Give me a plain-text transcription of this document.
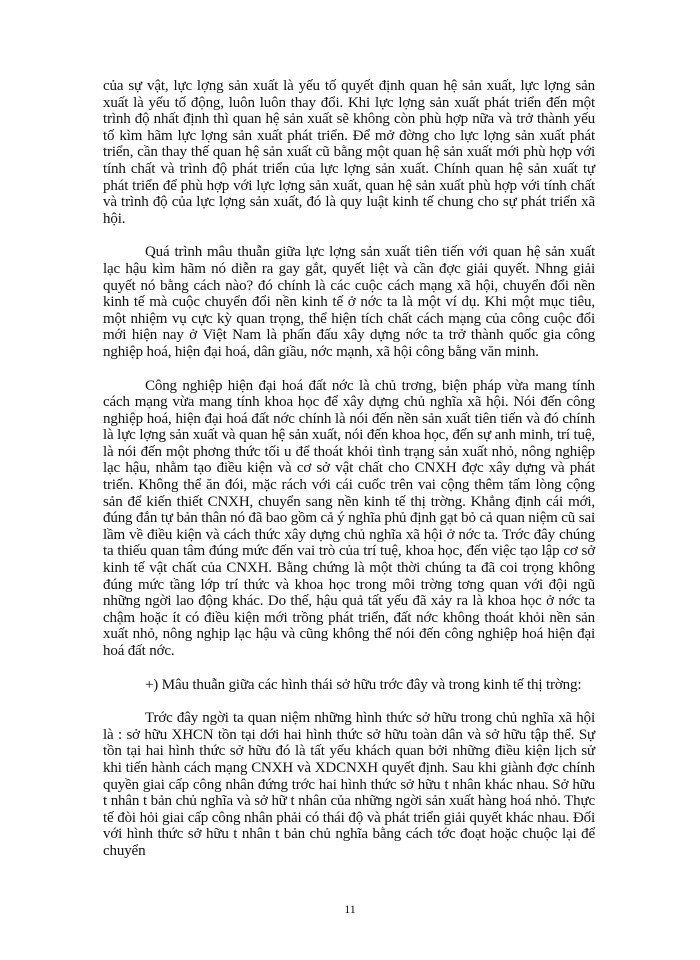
của sự vật, lực lợng sản xuất là yếu tố quyết định quan hệ sản xuất, lực lợng sản xuất là yếu tố động, luôn luôn thay đổi. Khi lực lợng sản xuất phát triển đến một trình độ nhất định thì quan hệ sản xuất sẽ không còn phù hợp nữa và trở thành yếu tố kìm hãm lực lợng sản xuất phát triển. Để mở đờng cho lực lợng sản xuất phát triển, cần thay thế quan hệ sản xuất cũ bằng một quan hệ sản xuất mới phù hợp với tính chất và trình độ phát triển của lực lợng sản xuất. Chính quan hệ sản xuất tự phát triển để phù hợp với lực lợng sản xuất, quan hệ sản xuất phù hợp với tính chất và trình độ của lực lợng sản xuất, đó là quy luật kinh tế chung cho sự phát triển xã hội.

Quá trình mâu thuẫn giữa lực lợng sản xuất tiên tiến với quan hệ sản xuất lạc hậu kìm hãm nó diễn ra gay gắt, quyết liệt và cần đợc giải quyết. Nhng giải quyết nó bằng cách nào? đó chính là các cuộc cách mạng xã hội, chuyển đổi nền kinh tế mà cuộc chuyển đổi nền kinh tế ở nớc ta là một ví dụ. Khi một mục tiêu, một nhiệm vụ cực kỳ quan trọng, thể hiện tích chất cách mạng của công cuộc đổi mới hiện nay ở Việt Nam là phấn đấu xây dựng nớc ta trở thành quốc gia công nghiệp hoá, hiện đại hoá, dân giầu, nớc mạnh, xã hội công bằng văn minh.

Công nghiệp hiện đại hoá đất nớc là chủ trơng, biện pháp vừa mang tính cách mạng vừa mang tính khoa học để xây dựng chủ nghĩa xã hội. Nói đến công nghiệp hoá, hiện đại hoá đất nớc chính là nói đến nền sản xuất tiên tiến và đó chính là lực lợng sản xuất và quan hệ sản xuất, nói đến khoa học, đến sự anh minh, trí tuệ, là nói đến một phơng thức tối u để thoát khỏi tình trạng sản xuất nhỏ, nông nghiệp lạc hậu, nhằm tạo điều kiện và cơ sở vật chất cho CNXH đợc xây dựng và phát triển. Không thể ăn đói, mặc rách với cái cuốc trên vai cộng thêm tấm lòng cộng sản để kiến thiết CNXH, chuyển sang nền kinh tế thị trờng. Khẳng định cái mới, đúng đắn tự bản thân nó đã bao gồm cả ý nghĩa phủ định gạt bỏ cả quan niệm cũ sai lầm về điều kiện và cách thức xây dựng chủ nghĩa xã hội ở nớc ta. Trớc đây chúng ta thiếu quan tâm đúng mức đến vai trò của trí tuệ, khoa học, đến việc tạo lập cơ sở kinh tế vật chất của CNXH. Bằng chứng là một thời chúng ta đã coi trọng không đúng mức tầng lớp trí thức và khoa học trong môi trờng tơng quan với đội ngũ những ngời lao động khác. Do thế, hậu quả tất yếu đã xảy ra là khoa học ở nớc ta chậm hoặc ít có điều kiện mới trồng phát triển, đất nớc không thoát khỏi nền sản xuất nhỏ, nông nghịp lạc hậu và cũng không thể nói đến công nghiệp hoá hiện đại hoá đất nớc.

+) Mâu thuẫn giữa các hình thái sở hữu trớc đây và trong kinh tế thị trờng:

Trớc đây ngời ta quan niệm những hình thức sở hữu trong chủ nghĩa xã hội là : sở hữu XHCN tồn tại dới hai hình thức sở hữu toàn dân và sở hữu tập thể. Sự tồn tại hai hình thức sở hữu đó là tất yếu khách quan bởi những điều kiện lịch sử khi tiến hành cách mạng CNXH và XDCNXH quyết định. Sau khi giành đợc chính quyền giai cấp công nhân đứng trớc hai hình thức sở hữu t nhân khác nhau. Sở hữu t nhân t bản chủ nghĩa và sở hữ t nhân của những ngời sản xuất hàng hoá nhỏ. Thực tế đòi hỏi giai cấp công nhân phải có thái độ và phát triển giải quyết khác nhau. Đối với hình thức sở hữu t nhân t bản chủ nghĩa bằng cách tớc đoạt hoặc chuộc lại để chuyển

11
